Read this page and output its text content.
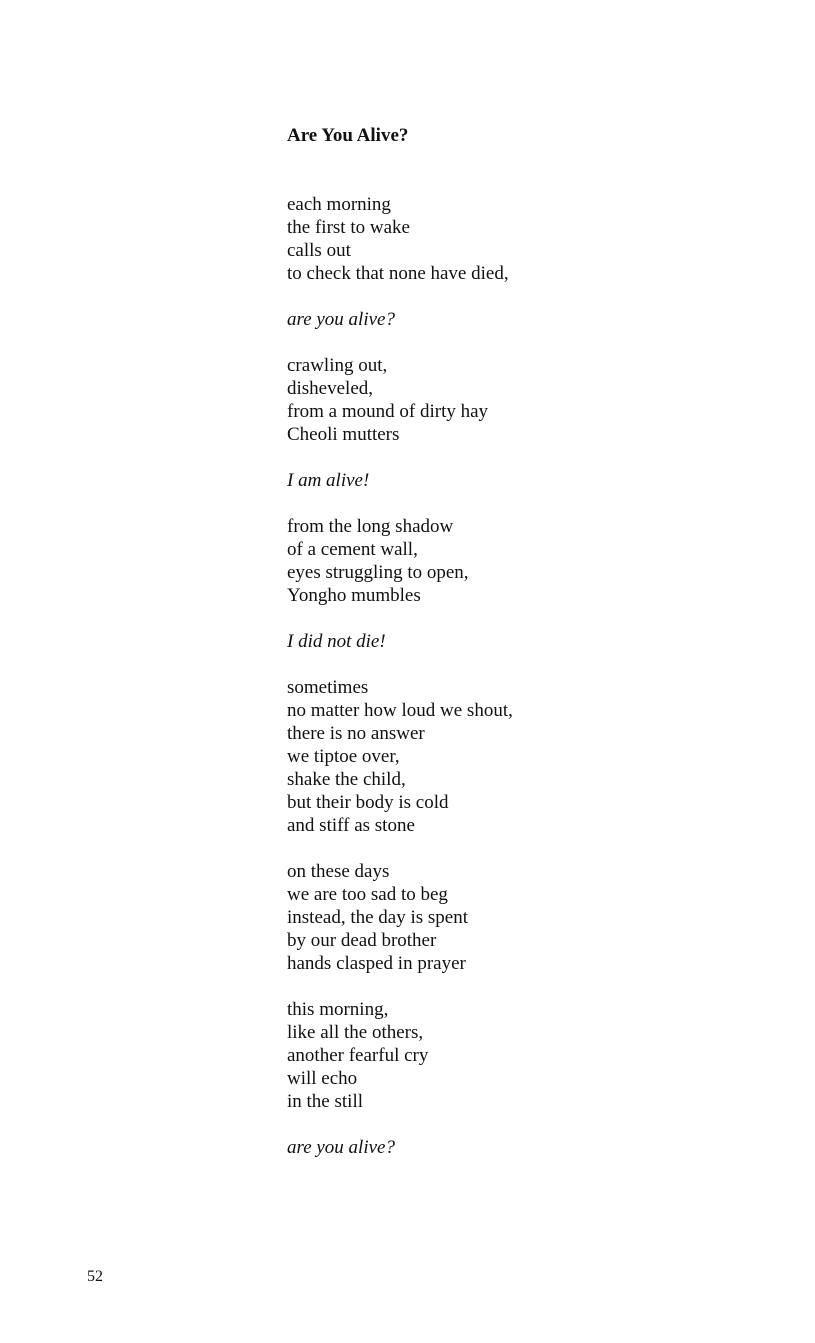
Are You Alive?
each morning
the first to wake
calls out
to check that none have died,
are you alive?
crawling out,
disheveled,
from a mound of dirty hay
Cheoli mutters
I am alive!
from the long shadow
of a cement wall,
eyes struggling to open,
Yongho mumbles
I did not die!
sometimes
no matter how loud we shout,
there is no answer
we tiptoe over,
shake the child,
but their body is cold
and stiff as stone
on these days
we are too sad to beg
instead, the day is spent
by our dead brother
hands clasped in prayer
this morning,
like all the others,
another fearful cry
will echo
in the still
are you alive?
52
